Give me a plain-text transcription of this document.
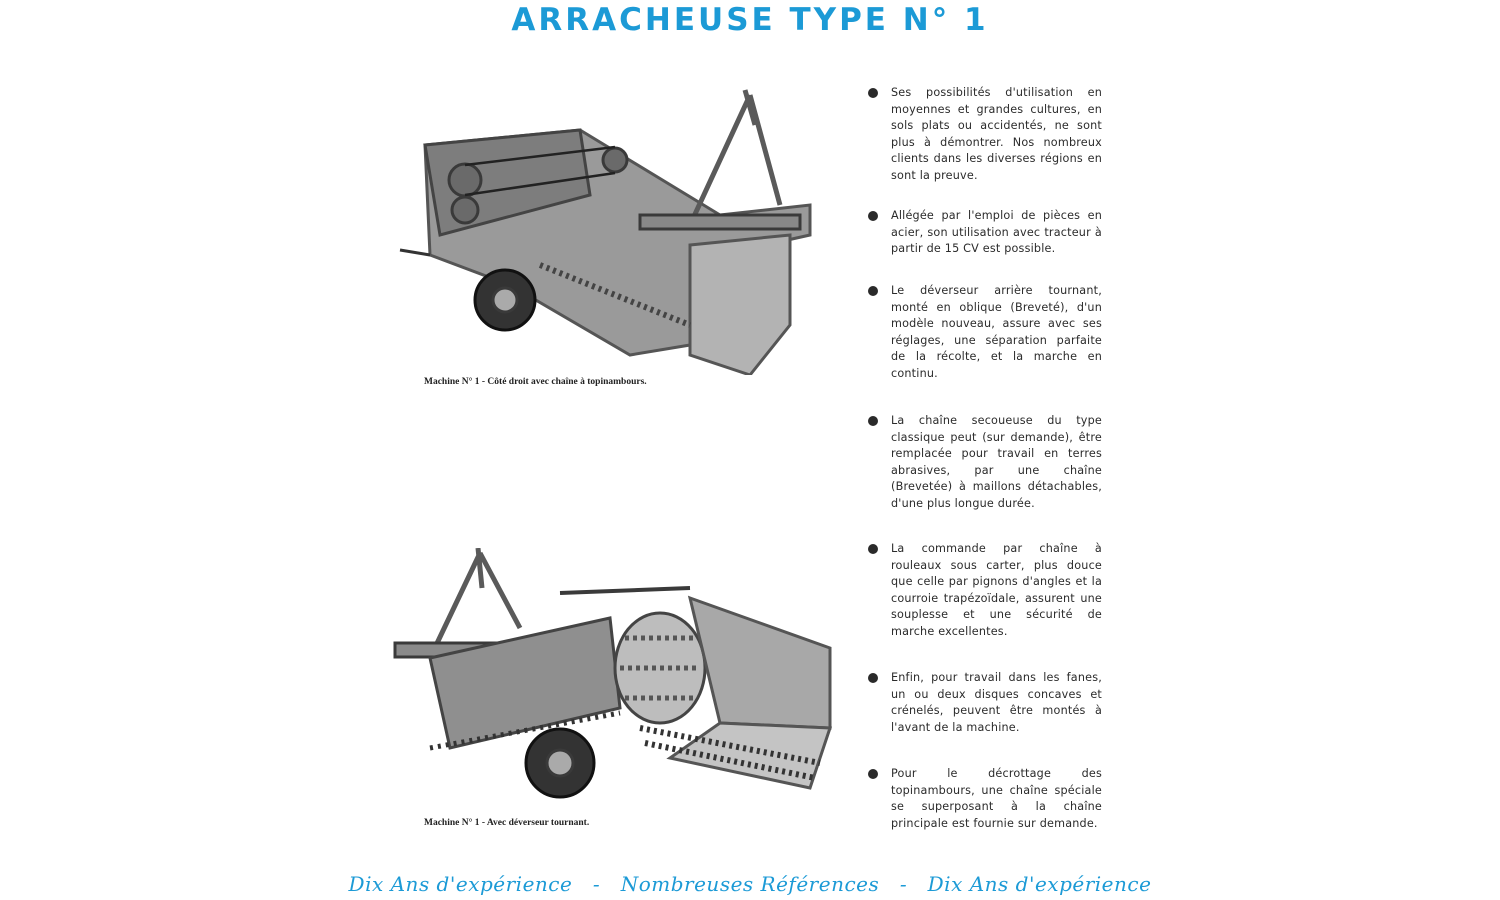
ARRACHEUSE TYPE N° 1
Machine N° 1 - Côté droit avec chaîne à topinambours.
Machine N° 1 - Avec déverseur tournant.
Ses possibilités d'utilisation en moyennes et grandes cultures, en sols plats ou accidentés, ne sont plus à démontrer. Nos nombreux clients dans les diverses régions en sont la preuve.
Allégée par l'emploi de pièces en acier, son utilisation avec tracteur à partir de 15 CV est possible.
Le déverseur arrière tournant, monté en oblique (Breveté), d'un modèle nouveau, assure avec ses réglages, une séparation parfaite de la récolte, et la marche en continu.
La chaîne secoueuse du type classique peut (sur demande), être remplacée pour travail en terres abrasives, par une chaîne (Brevetée) à maillons détachables, d'une plus longue durée.
La commande par chaîne à rouleaux sous carter, plus douce que celle par pignons d'angles et la courroie trapézoïdale, assurent une souplesse et une sécurité de marche excellentes.
Enfin, pour travail dans les fanes, un ou deux disques concaves et crénelés, peuvent être montés à l'avant de la machine.
Pour le décrottage des topinambours, une chaîne spéciale se superposant à la chaîne principale est fournie sur demande.
Dix Ans d'expérience   -   Nombreuses Références   -   Dix Ans d'expérience
